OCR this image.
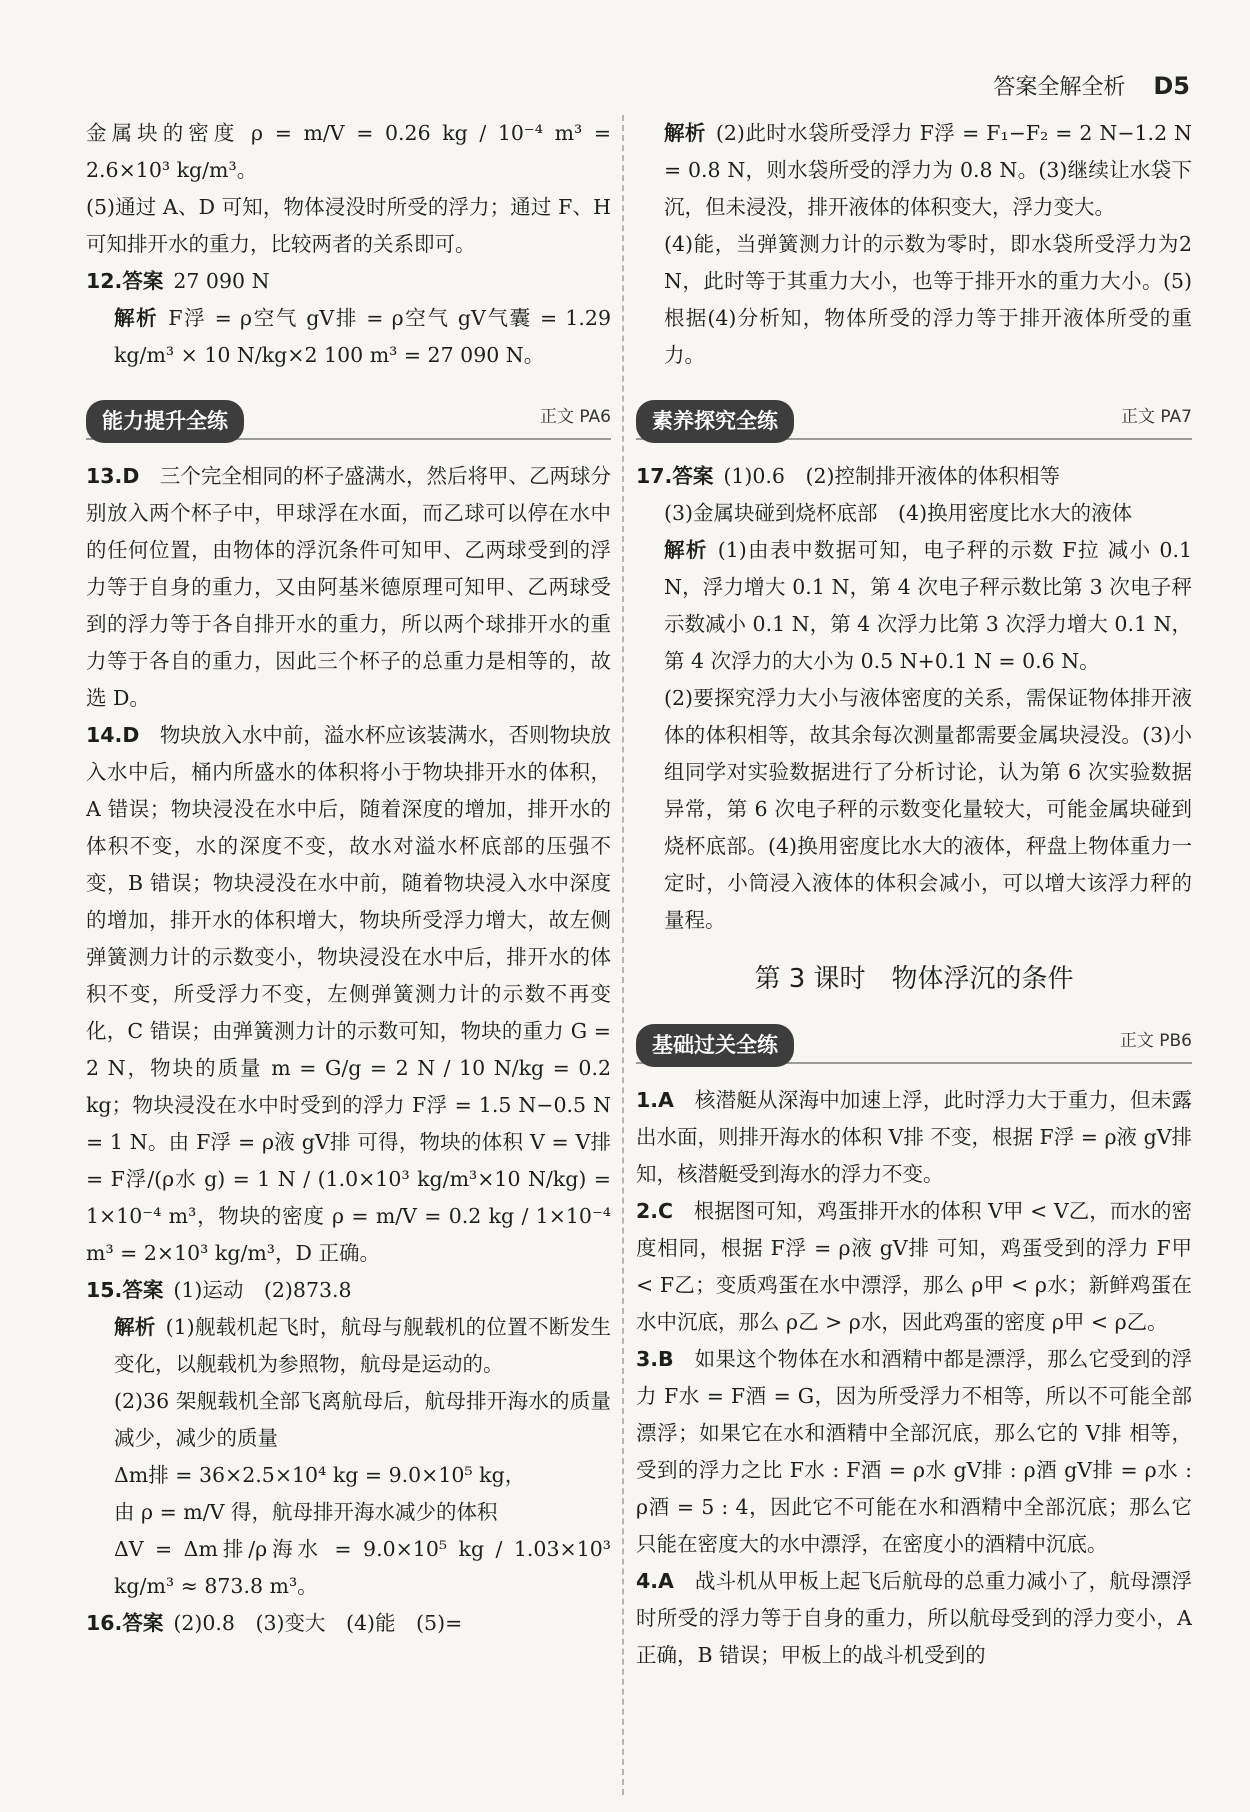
答案全解全析 D5
金属块的密度 ρ = m/V = 0.26 kg / 10⁻⁴ m³ = 2.6×10³ kg/m³。
(5)通过 A、D 可知，物体浸没时所受的浮力；通过 F、H 可知排开水的重力，比较两者的关系即可。
12.答案 27 090 N
解析 F浮 = ρ空气 gV排 = ρ空气 gV气囊 = 1.29 kg/m³ × 10 N/kg×2 100 m³ = 27 090 N。
能力提升全练	正文 PA6
13.D　 三个完全相同的杯子盛满水，然后将甲、乙两球分别放入两个杯子中，甲球浮在水面，而乙球可以停在水中的任何位置，由物体的浮沉条件可知甲、乙两球受到的浮力等于自身的重力，又由阿基米德原理可知甲、乙两球受到的浮力等于各自排开水的重力，所以两个球排开水的重力等于各自的重力，因此三个杯子的总重力是相等的，故选 D。
14.D　 物块放入水中前，溢水杯应该装满水，否则物块放入水中后，桶内所盛水的体积将小于物块排开水的体积，A 错误；物块浸没在水中后，随着深度的增加，排开水的体积不变，水的深度不变，故水对溢水杯底部的压强不变，B 错误；物块浸没在水中前，随着物块浸入水中深度的增加，排开水的体积增大，物块所受浮力增大，故左侧弹簧测力计的示数变小，物块浸没在水中后，排开水的体积不变，所受浮力不变，左侧弹簧测力计的示数不再变化，C 错误；由弹簧测力计的示数可知，物块的重力 G = 2 N，物块的质量 m = G/g = 2 N / 10 N/kg = 0.2 kg；物块浸没在水中时受到的浮力 F浮 = 1.5 N−0.5 N = 1 N。由 F浮 = ρ液 gV排 可得，物块的体积 V = V排 = F浮/(ρ水 g) = 1 N / (1.0×10³ kg/m³×10 N/kg) = 1×10⁻⁴ m³，物块的密度 ρ = m/V = 0.2 kg / 1×10⁻⁴ m³ = 2×10³ kg/m³，D 正确。
15.答案 (1)运动　(2)873.8
解析 (1)舰载机起飞时，航母与舰载机的位置不断发生变化，以舰载机为参照物，航母是运动的。
(2)36 架舰载机全部飞离航母后，航母排开海水的质量减少，减少的质量
Δm排 = 36×2.5×10⁴ kg = 9.0×10⁵ kg，
由 ρ = m/V 得，航母排开海水减少的体积
ΔV = Δm排/ρ海水 = 9.0×10⁵ kg / 1.03×10³ kg/m³ ≈ 873.8 m³。
16.答案 (2)0.8　(3)变大　(4)能　(5)=
解析 (2)此时水袋所受浮力 F浮 = F₁−F₂ = 2 N−1.2 N = 0.8 N，则水袋所受的浮力为 0.8 N。(3)继续让水袋下沉，但未浸没，排开液体的体积变大，浮力变大。
(4)能，当弹簧测力计的示数为零时，即水袋所受浮力为2 N，此时等于其重力大小，也等于排开水的重力大小。(5)根据(4)分析知，物体所受的浮力等于排开液体所受的重力。
素养探究全练	正文 PA7
17.答案 (1)0.6　(2)控制排开液体的体积相等
(3)金属块碰到烧杯底部　(4)换用密度比水大的液体
解析 (1)由表中数据可知，电子秤的示数 F拉 减小 0.1 N，浮力增大 0.1 N，第 4 次电子秤示数比第 3 次电子秤示数减小 0.1 N，第 4 次浮力比第 3 次浮力增大 0.1 N，第 4 次浮力的大小为 0.5 N+0.1 N = 0.6 N。
(2)要探究浮力大小与液体密度的关系，需保证物体排开液体的体积相等，故其余每次测量都需要金属块浸没。(3)小组同学对实验数据进行了分析讨论，认为第 6 次实验数据异常，第 6 次电子秤的示数变化量较大，可能金属块碰到烧杯底部。(4)换用密度比水大的液体，秤盘上物体重力一定时，小筒浸入液体的体积会减小，可以增大该浮力秤的量程。
第 3 课时　物体浮沉的条件
基础过关全练	正文 PB6
1.A　 核潜艇从深海中加速上浮，此时浮力大于重力，但未露出水面，则排开海水的体积 V排 不变，根据 F浮 = ρ液 gV排 知，核潜艇受到海水的浮力不变。
2.C　 根据图可知，鸡蛋排开水的体积 V甲 < V乙，而水的密度相同，根据 F浮 = ρ液 gV排 可知，鸡蛋受到的浮力 F甲 < F乙；变质鸡蛋在水中漂浮，那么 ρ甲 < ρ水；新鲜鸡蛋在水中沉底，那么 ρ乙 > ρ水，因此鸡蛋的密度 ρ甲 < ρ乙。
3.B　 如果这个物体在水和酒精中都是漂浮，那么它受到的浮力 F水 = F酒 = G，因为所受浮力不相等，所以不可能全部漂浮；如果它在水和酒精中全部沉底，那么它的 V排 相等，受到的浮力之比 F水 : F酒 = ρ水 gV排 : ρ酒 gV排 = ρ水 : ρ酒 = 5 : 4，因此它不可能在水和酒精中全部沉底；那么它只能在密度大的水中漂浮，在密度小的酒精中沉底。
4.A　 战斗机从甲板上起飞后航母的总重力减小了，航母漂浮时所受的浮力等于自身的重力，所以航母受到的浮力变小，A 正确，B 错误；甲板上的战斗机受到的
